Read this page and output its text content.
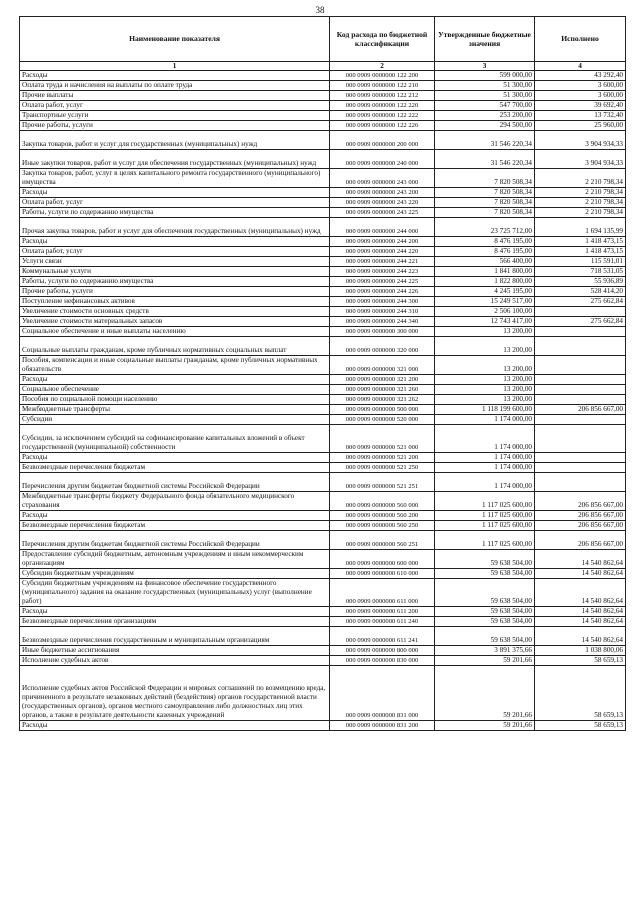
38
Наименование показателя	Код расхода по бюджетной классификации	Утвержденные бюджетные значения	Исполнено
1	2	3	4
Расходы	000 0909 0000000 122 200	599 000,00	43 292,40
Оплата труда и начисления на выплаты по оплате труда	000 0909 0000000 122 210	51 300,00	3 600,00
Прочие выплаты	000 0909 0000000 122 212	51 300,00	3 600,00
Оплата работ, услуг	000 0909 0000000 122 220	547 700,00	39 692,40
Транспортные услуги	000 0909 0000000 122 222	253 200,00	13 732,40
Прочие работы, услуги	000 0909 0000000 122 226	294 500,00	25 960,00
Закупка товаров, работ и услуг для государственных (муниципальных) нужд	000 0909 0000000 200 000	31 546 220,34	3 904 934,33
Иные закупки товаров, работ и услуг для обеспечения государственных (муниципальных) нужд	000 0909 0000000 240 000	31 546 220,34	3 904 934,33
Закупка товаров, работ, услуг в целях капитального ремонта государственного (муниципального) имущества	000 0909 0000000 243 000	7 820 508,34	2 210 798,34
Расходы	000 0909 0000000 243 200	7 820 508,34	2 210 798,34
Оплата работ, услуг	000 0909 0000000 243 220	7 820 508,34	2 210 798,34
Работы, услуги по содержанию имущества	000 0909 0000000 243 225	7 820 508,34	2 210 798,34
Прочая закупка товаров, работ и услуг для обеспечения государственных (муниципальных) нужд	000 0909 0000000 244 000	23 725 712,00	1 694 135,99
Расходы	000 0909 0000000 244 200	8 476 195,00	1 418 473,15
Оплата работ, услуг	000 0909 0000000 244 220	8 476 195,00	1 418 473,15
Услуги связи	000 0909 0000000 244 221	566 400,00	115 591,01
Коммунальные услуги	000 0909 0000000 244 223	1 841 800,00	718 531,05
Работы, услуги по содержанию имущества	000 0909 0000000 244 225	1 822 800,00	55 936,89
Прочие работы, услуги	000 0909 0000000 244 226	4 245 195,00	528 414,20
Поступление нефинансовых активов	000 0909 0000000 244 300	15 249 517,00	275 662,84
Увеличение стоимости основных средств	000 0909 0000000 244 310	2 506 100,00	
Увеличение стоимости материальных запасов	000 0909 0000000 244 340	12 743 417,00	275 662,84
Социальное обеспечение и иные выплаты населению	000 0909 0000000 300 000	13 200,00	
Социальные выплаты гражданам, кроме публичных нормативных социальных выплат	000 0909 0000000 320 000	13 200,00	
Пособия, компенсации и иные социальные выплаты гражданам, кроме публичных нормативных обязательств	000 0909 0000000 321 000	13 200,00	
Расходы	000 0909 0000000 321 200	13 200,00	
Социальное обеспечение	000 0909 0000000 321 260	13 200,00	
Пособия по социальной помощи населению	000 0909 0000000 321 262	13 200,00	
Межбюджетные трансферты	000 0909 0000000 500 000	1 118 199 600,00	206 856 667,00
Субсидии	000 0909 0000000 520 000	1 174 000,00	
Субсидии, за исключением субсидий на софинансирование капитальных вложений в объект государственной (муниципальной) собственности	000 0909 0000000 521 000	1 174 000,00	
Расходы	000 0909 0000000 521 200	1 174 000,00	
Безвозмездные перечисления бюджетам	000 0909 0000000 521 250	1 174 000,00	
Перечисления другим бюджетам бюджетной системы Российской Федерации	000 0909 0000000 521 251	1 174 000,00	
Межбюджетные трансферты бюджету Федерального фонда обязательного медицинского страхования	000 0909 0000000 560 000	1 117 025 600,00	206 856 667,00
Расходы	000 0909 0000000 560 200	1 117 025 600,00	206 856 667,00
Безвозмездные перечисления бюджетам	000 0909 0000000 560 250	1 117 025 600,00	206 856 667,00
Перечисления другим бюджетам бюджетной системы Российской Федерации	000 0909 0000000 560 251	1 117 025 600,00	206 856 667,00
Предоставление субсидий бюджетным, автономным учреждениям и иным некоммерческим организациям	000 0909 0000000 600 000	59 638 504,00	14 540 862,64
Субсидии бюджетным учреждениям	000 0909 0000000 610 000	59 638 504,00	14 540 862,64
Субсидии бюджетным учреждениям на финансовое обеспечение государственного (муниципального) задания на оказание государственных (муниципальных) услуг (выполнение работ)	000 0909 0000000 611 000	59 638 504,00	14 540 862,64
Расходы	000 0909 0000000 611 200	59 638 504,00	14 540 862,64
Безвозмездные перечисления организациям	000 0909 0000000 611 240	59 638 504,00	14 540 862,64
Безвозмездные перечисления государственным и муниципальным организациям	000 0909 0000000 611 241	59 638 504,00	14 540 862,64
Иные бюджетные ассигнования	000 0909 0000000 800 000	3 891 375,66	1 038 800,06
Исполнение судебных актов	000 0909 0000000 830 000	59 201,66	58 659,13
Исполнение судебных актов Российской Федерации и мировых соглашений по возмещению вреда, причиненного в результате незаконных действий (бездействия) органов государственной власти (государственных органов), органов местного самоуправления либо должностных лиц этих органов, а также в результате деятельности казенных учреждений	000 0909 0000000 831 000	59 201,66	58 659,13
Расходы	000 0909 0000000 831 200	59 201,66	58 659,13
